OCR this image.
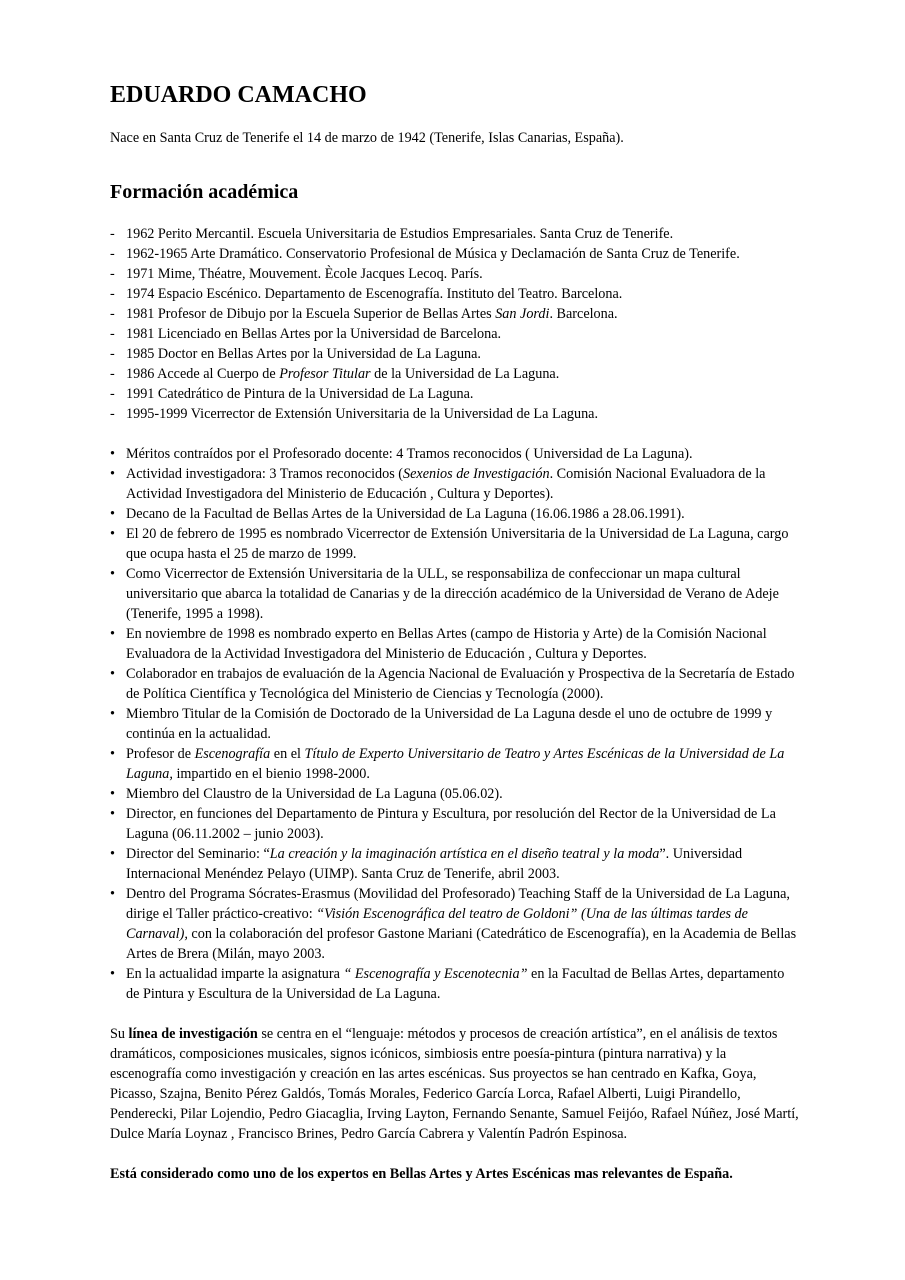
EDUARDO CAMACHO

Nace en Santa Cruz de Tenerife el 14 de marzo de 1942 (Tenerife, Islas Canarias, España).

Formación académica
- 1962 Perito Mercantil. Escuela Universitaria de Estudios Empresariales. Santa Cruz de Tenerife.
- 1962-1965 Arte Dramático. Conservatorio Profesional de Música y Declamación de Santa Cruz de Tenerife.
- 1971 Mime, Théatre, Mouvement. Ècole Jacques Lecoq. París.
- 1974 Espacio Escénico. Departamento de Escenografía. Instituto del Teatro. Barcelona.
- 1981 Profesor de Dibujo por la Escuela Superior de Bellas Artes San Jordi. Barcelona.
- 1981 Licenciado en Bellas Artes por la Universidad de Barcelona.
- 1985 Doctor en Bellas Artes por la Universidad de La Laguna.
- 1986 Accede al Cuerpo de Profesor Titular de la Universidad de La Laguna.
- 1991 Catedrático de Pintura de la Universidad de La Laguna.
- 1995-1999 Vicerrector de Extensión Universitaria de la Universidad de La Laguna.
• Méritos contraídos por el Profesorado docente: 4 Tramos reconocidos ( Universidad de La Laguna).
• Actividad investigadora: 3 Tramos reconocidos (Sexenios de Investigación. Comisión Nacional Evaluadora de la Actividad Investigadora del Ministerio de Educación , Cultura y Deportes).
• Decano de la Facultad de Bellas Artes de la Universidad de La Laguna (16.06.1986 a 28.06.1991).
• El 20 de febrero de 1995 es nombrado Vicerrector de Extensión Universitaria de la Universidad de La Laguna, cargo que ocupa hasta el 25 de marzo de 1999.
• Como Vicerrector de Extensión Universitaria de la ULL, se responsabiliza de confeccionar un mapa cultural universitario que abarca la totalidad de Canarias y de la dirección académico de la Universidad de Verano de Adeje (Tenerife, 1995 a 1998).
• En noviembre de 1998 es nombrado experto en Bellas Artes (campo de Historia y Arte) de la Comisión Nacional Evaluadora de la Actividad Investigadora del Ministerio de Educación , Cultura y Deportes.
• Colaborador en trabajos de evaluación de la Agencia Nacional de Evaluación y Prospectiva de la Secretaría de Estado de Política Científica y Tecnológica del Ministerio de Ciencias y Tecnología (2000).
• Miembro Titular de la Comisión de Doctorado de la Universidad de La Laguna desde el uno de octubre de 1999 y continúa en la actualidad.
• Profesor de Escenografía en el Título de Experto Universitario de Teatro y Artes Escénicas de la Universidad de La Laguna, impartido en el bienio 1998-2000.
• Miembro del Claustro de la Universidad de La Laguna (05.06.02).
• Director, en funciones del Departamento de Pintura y Escultura, por resolución del Rector de la Universidad de La Laguna (06.11.2002 – junio 2003).
• Director del Seminario: “La creación y la imaginación artística en el diseño teatral y la moda”. Universidad Internacional Menéndez Pelayo (UIMP). Santa Cruz de Tenerife, abril 2003.
• Dentro del Programa Sócrates-Erasmus (Movilidad del Profesorado) Teaching Staff de la Universidad de La Laguna, dirige el Taller práctico-creativo: “Visión Escenográfica del teatro de Goldoni” (Una de las últimas tardes de Carnaval), con la colaboración del profesor Gastone Mariani (Catedrático de Escenografía), en la Academia de Bellas Artes de Brera (Milán, mayo 2003.
• En la actualidad imparte la asignatura “ Escenografía y Escenotecnia” en la Facultad de Bellas Artes, departamento de Pintura y Escultura de la Universidad de La Laguna.

Su línea de investigación se centra en el “lenguaje: métodos y procesos de creación artística”, en el análisis de textos dramáticos, composiciones musicales, signos icónicos, simbiosis entre poesía-pintura (pintura narrativa) y la escenografía como investigación y creación en las artes escénicas. Sus proyectos se han centrado en Kafka, Goya, Picasso, Szajna, Benito Pérez Galdós, Tomás Morales, Federico García Lorca, Rafael Alberti, Luigi Pirandello, Penderecki, Pilar Lojendio, Pedro Giacaglia, Irving Layton, Fernando Senante, Samuel Feijóo, Rafael Núñez, José Martí, Dulce María Loynaz , Francisco Brines, Pedro García Cabrera y Valentín Padrón Espinosa.

Está considerado como uno de los expertos en Bellas Artes y Artes Escénicas mas relevantes de España.
